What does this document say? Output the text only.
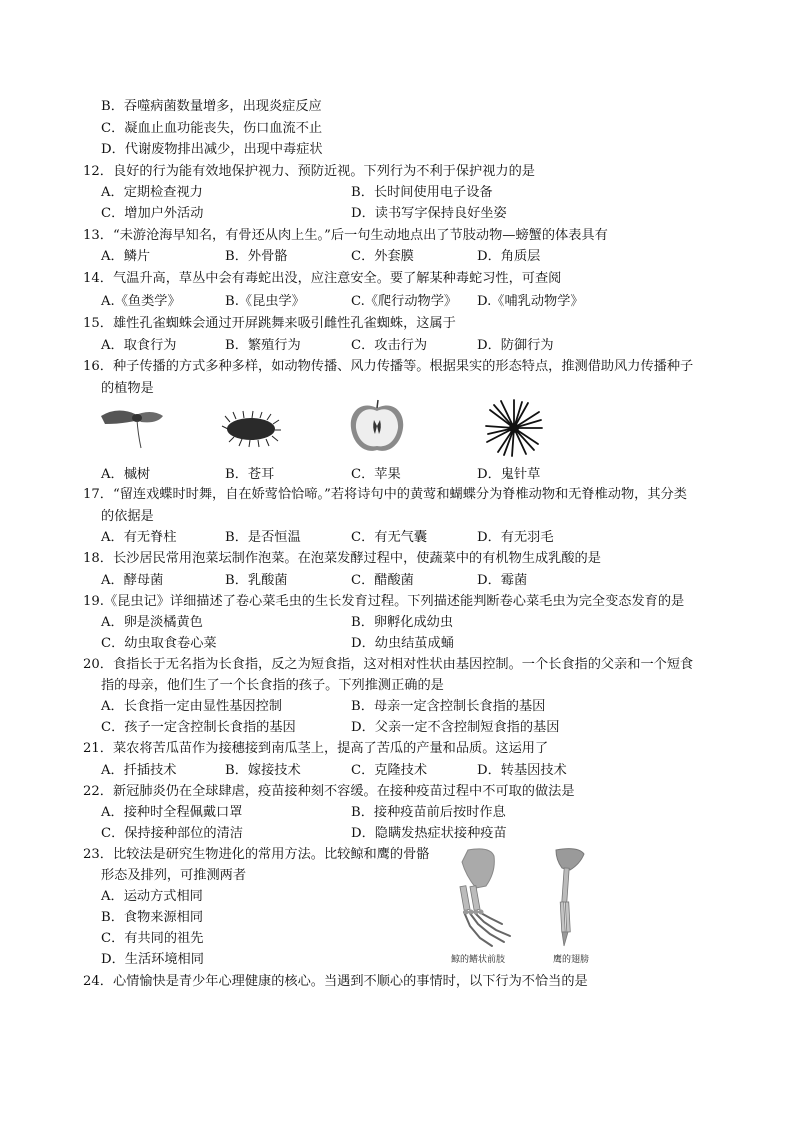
B．吞噬病菌数量增多，出现炎症反应
C．凝血止血功能丧失，伤口血流不止
D．代谢废物排出减少，出现中毒症状
12．良好的行为能有效地保护视力、预防近视。下列行为不利于保护视力的是
A．定期检查视力	B．长时间使用电子设备
C．增加户外活动	D．读书写字保持良好坐姿
13．“未游沧海早知名，有骨还从肉上生。”后一句生动地点出了节肢动物—螃蟹的体表具有
A．鳞片	B．外骨骼	C．外套膜	D．角质层
14．气温升高，草丛中会有毒蛇出没，应注意安全。要了解某种毒蛇习性，可查阅
A.《鱼类学》	B.《昆虫学》	C.《爬行动物学》 D.《哺乳动物学》
15．雄性孔雀蜘蛛会通过开屏跳舞来吸引雌性孔雀蜘蛛，这属于
A．取食行为	B．繁殖行为	C．攻击行为	D．防御行为
16．种子传播的方式多种多样，如动物传播、风力传播等。根据果实的形态特点，推测借助风力传播种子
的植物是
A．槭树	B．苍耳	C．苹果	D．鬼针草
17．“留连戏蝶时时舞，自在娇莺恰恰啼。”若将诗句中的黄莺和蝴蝶分为脊椎动物和无脊椎动物，其分类
的依据是
A．有无脊柱	B．是否恒温	C．有无气囊	D．有无羽毛
18．长沙居民常用泡菜坛制作泡菜。在泡菜发酵过程中，使蔬菜中的有机物生成乳酸的是
A．酵母菌	B．乳酸菌	C．醋酸菌	D．霉菌
19.《昆虫记》详细描述了卷心菜毛虫的生长发育过程。下列描述能判断卷心菜毛虫为完全变态发育的是
A．卵是淡橘黄色	B．卵孵化成幼虫
C．幼虫取食卷心菜	D．幼虫结茧成蛹
20．食指长于无名指为长食指，反之为短食指，这对相对性状由基因控制。一个长食指的父亲和一个短食
指的母亲，他们生了一个长食指的孩子。下列推测正确的是
A．长食指一定由显性基因控制	B．母亲一定含控制长食指的基因
C．孩子一定含控制长食指的基因	D．父亲一定不含控制短食指的基因
21．菜农将苦瓜苗作为接穗接到南瓜茎上，提高了苦瓜的产量和品质。这运用了
A．扦插技术	B．嫁接技术	C．克隆技术	D．转基因技术
22．新冠肺炎仍在全球肆虐，疫苗接种刻不容缓。在接种疫苗过程中不可取的做法是
A．接种时全程佩戴口罩	B．接种疫苗前后按时作息
C．保持接种部位的清洁	D．隐瞒发热症状接种疫苗
23．比较法是研究生物进化的常用方法。比较鲸和鹰的骨骼
形态及排列，可推测两者
A．运动方式相同
B．食物来源相同
C．有共同的祖先
D．生活环境相同	鲸的鳍状前肢	鹰的翅膀
24．心情愉快是青少年心理健康的核心。当遇到不顺心的事情时，以下行为不恰当的是
